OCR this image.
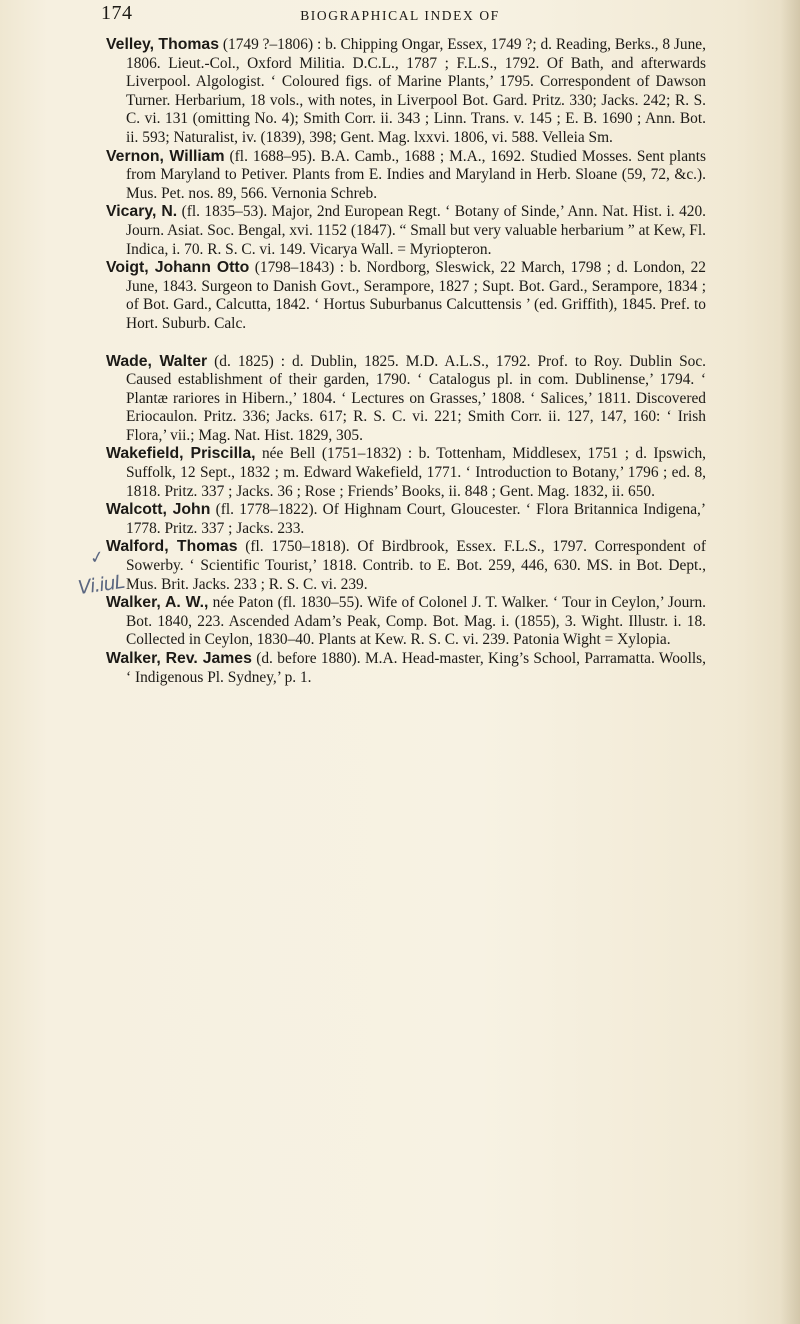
174	BIOGRAPHICAL INDEX OF
✓
Vi.iuL

Velley, Thomas (1749 ?–1806) : b. Chipping Ongar, Essex, 1749 ?; d. Reading, Berks., 8 June, 1806. Lieut.-Col., Oxford Militia. D.C.L., 1787 ; F.L.S., 1792. Of Bath, and afterwards Liverpool. Algologist. ‘ Coloured figs. of Marine Plants,’ 1795. Correspondent of Dawson Turner. Herbarium, 18 vols., with notes, in Liverpool Bot. Gard. Pritz. 330; Jacks. 242; R. S. C. vi. 131 (omitting No. 4); Smith Corr. ii. 343 ; Linn. Trans. v. 145 ; E. B. 1690 ; Ann. Bot. ii. 593; Naturalist, iv. (1839), 398; Gent. Mag. lxxvi. 1806, vi. 588. Velleia Sm.

Vernon, William (fl. 1688–95). B.A. Camb., 1688 ; M.A., 1692. Studied Mosses. Sent plants from Maryland to Petiver. Plants from E. Indies and Maryland in Herb. Sloane (59, 72, &c.). Mus. Pet. nos. 89, 566. Vernonia Schreb.

Vicary, N. (fl. 1835–53). Major, 2nd European Regt. ‘ Botany of Sinde,’ Ann. Nat. Hist. i. 420. Journ. Asiat. Soc. Bengal, xvi. 1152 (1847). “ Small but very valuable herbarium ” at Kew, Fl. Indica, i. 70. R. S. C. vi. 149. Vicarya Wall. = Myriopteron.

Voigt, Johann Otto (1798–1843) : b. Nordborg, Sleswick, 22 March, 1798 ; d. London, 22 June, 1843. Surgeon to Danish Govt., Serampore, 1827 ; Supt. Bot. Gard., Serampore, 1834 ; of Bot. Gard., Calcutta, 1842. ‘ Hortus Suburbanus Calcuttensis ’ (ed. Griffith), 1845. Pref. to Hort. Suburb. Calc.

Wade, Walter (d. 1825) : d. Dublin, 1825. M.D. A.L.S., 1792. Prof. to Roy. Dublin Soc. Caused establishment of their garden, 1790. ‘ Catalogus pl. in com. Dublinense,’ 1794. ‘ Plantæ rariores in Hibern.,’ 1804. ‘ Lectures on Grasses,’ 1808. ‘ Salices,’ 1811. Discovered Eriocaulon. Pritz. 336; Jacks. 617; R. S. C. vi. 221; Smith Corr. ii. 127, 147, 160: ‘ Irish Flora,’ vii.; Mag. Nat. Hist. 1829, 305.

Wakefield, Priscilla, née Bell (1751–1832) : b. Tottenham, Middlesex, 1751 ; d. Ipswich, Suffolk, 12 Sept., 1832 ; m. Edward Wakefield, 1771. ‘ Introduction to Botany,’ 1796 ; ed. 8, 1818. Pritz. 337 ; Jacks. 36 ; Rose ; Friends’ Books, ii. 848 ; Gent. Mag. 1832, ii. 650.

Walcott, John (fl. 1778–1822). Of Highnam Court, Gloucester. ‘ Flora Britannica Indigena,’ 1778. Pritz. 337 ; Jacks. 233.

Walford, Thomas (fl. 1750–1818). Of Birdbrook, Essex. F.L.S., 1797. Correspondent of Sowerby. ‘ Scientific Tourist,’ 1818. Contrib. to E. Bot. 259, 446, 630. MS. in Bot. Dept., Mus. Brit. Jacks. 233 ; R. S. C. vi. 239.

Walker, A. W., née Paton (fl. 1830–55). Wife of Colonel J. T. Walker. ‘ Tour in Ceylon,’ Journ. Bot. 1840, 223. Ascended Adam’s Peak, Comp. Bot. Mag. i. (1855), 3. Wight. Illustr. i. 18. Collected in Ceylon, 1830–40. Plants at Kew. R. S. C. vi. 239. Patonia Wight = Xylopia.

Walker, Rev. James (d. before 1880). M.A. Head-master, King’s School, Parramatta. Woolls, ‘ Indigenous Pl. Sydney,’ p. 1.
